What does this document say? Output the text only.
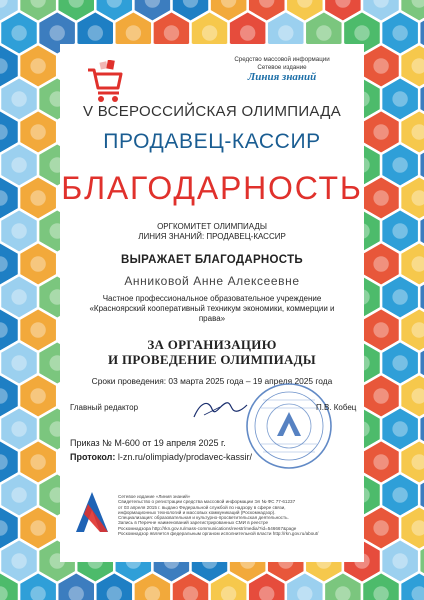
Средство массовой информации
Сетевое издание
Линия знаний
V ВСЕРОССИЙСКАЯ ОЛИМПИАДА
ПРОДАВЕЦ-КАССИР
БЛАГОДАРНОСТЬ
ОРГКОМИТЕТ ОЛИМПИАДЫ
ЛИНИЯ ЗНАНИЙ: ПРОДАВЕЦ-КАССИР
ВЫРАЖАЕТ БЛАГОДАРНОСТЬ
Анниковой Анне Алексеевне
Частное профессиональное образовательное учреждение
«Красноярский кооперативный техникум экономики, коммерции и
права»
ЗА ОРГАНИЗАЦИЮ
И ПРОВЕДЕНИЕ ОЛИМПИАДЫ
Сроки проведения: 03 марта 2025 года – 19 апреля 2025 года
Главный редактор	П.В. Кобец
Приказ № М-600 от 19 апреля 2025 г.
Протокол: l-zn.ru/olimpiady/prodavec-kassir/
Сетевое издание «Линия знаний»
Свидетельство о регистрации средства массовой информации Эл № ФС 77-61237
от 03 апреля 2015 г. выдано Федеральной службой по надзору в сфере связи,
информационных технологий и массовых коммуникаций (Роскомнадзор).
Специализация: образовательная и культурно-просветительская деятельность.
Запись в Перечне наименований зарегистрированных СМИ в реестре
Роскомнадзора http://rkn.gov.ru/mass-communications/reestr/media/?id=546667&page
Роскомнадзор является федеральным органом исполнительной власти http://rkn.gov.ru/about/
